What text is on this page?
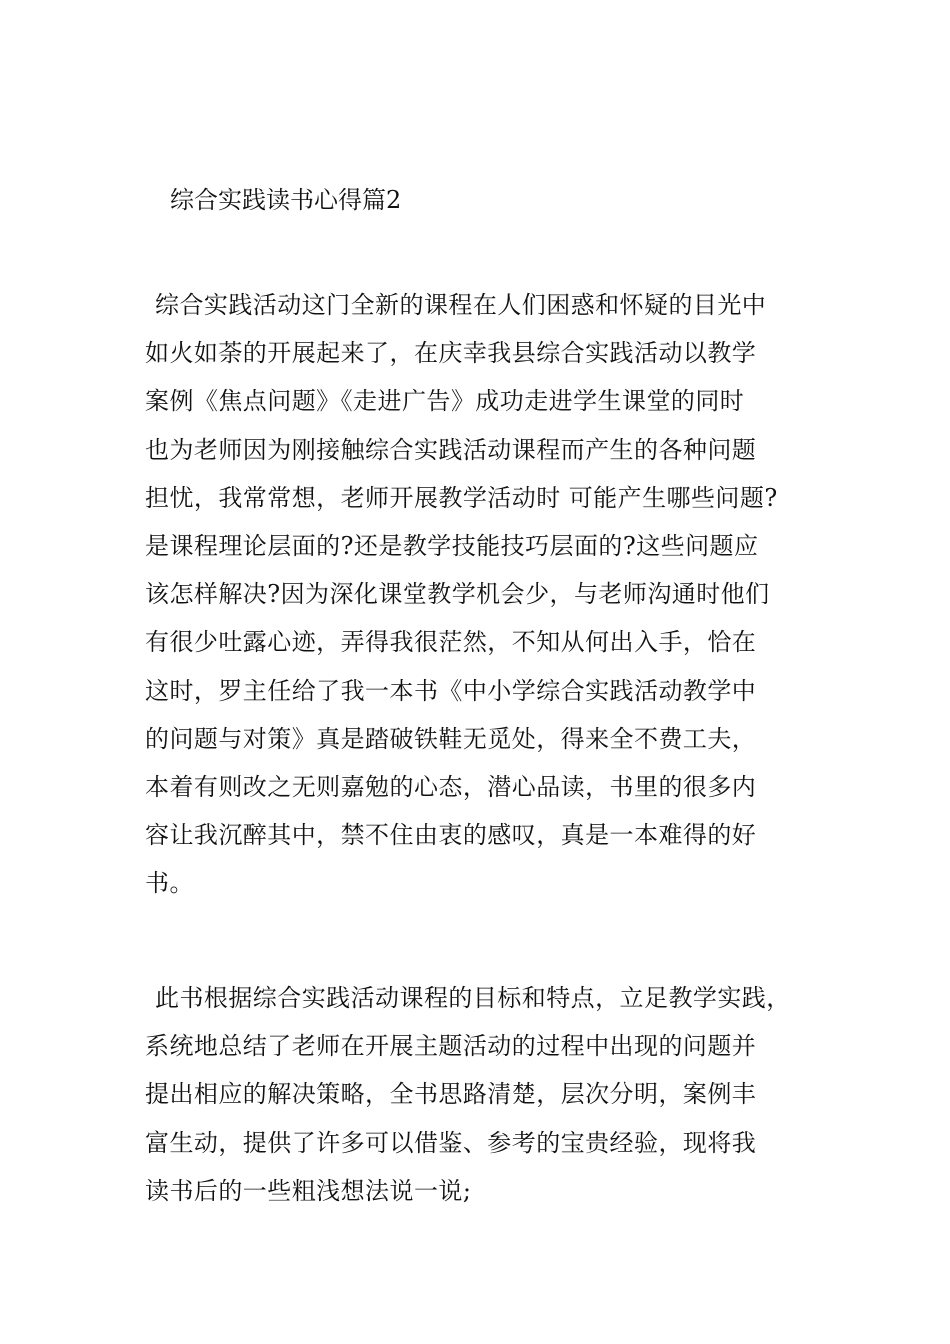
综合实践读书心得篇2
综合实践活动这门全新的课程在人们困惑和怀疑的目光中
如火如荼的开展起来了，在庆幸我县综合实践活动以教学
案例《焦点问题》《走进广告》成功走进学生课堂的同时
也为老师因为刚接触综合实践活动课程而产生的各种问题
担忧，我常常想，老师开展教学活动时 可能产生哪些问题?
是课程理论层面的?还是教学技能技巧层面的?这些问题应
该怎样解决?因为深化课堂教学机会少，与老师沟通时他们
有很少吐露心迹，弄得我很茫然，不知从何出入手，恰在
这时，罗主任给了我一本书《中小学综合实践活动教学中
的问题与对策》真是踏破铁鞋无觅处，得来全不费工夫，
本着有则改之无则嘉勉的心态，潜心品读，书里的很多内
容让我沉醉其中，禁不住由衷的感叹，真是一本难得的好
书。
此书根据综合实践活动课程的目标和特点，立足教学实践，
系统地总结了老师在开展主题活动的过程中出现的问题并
提出相应的解决策略，全书思路清楚，层次分明，案例丰
富生动，提供了许多可以借鉴、参考的宝贵经验，现将我
读书后的一些粗浅想法说一说;
